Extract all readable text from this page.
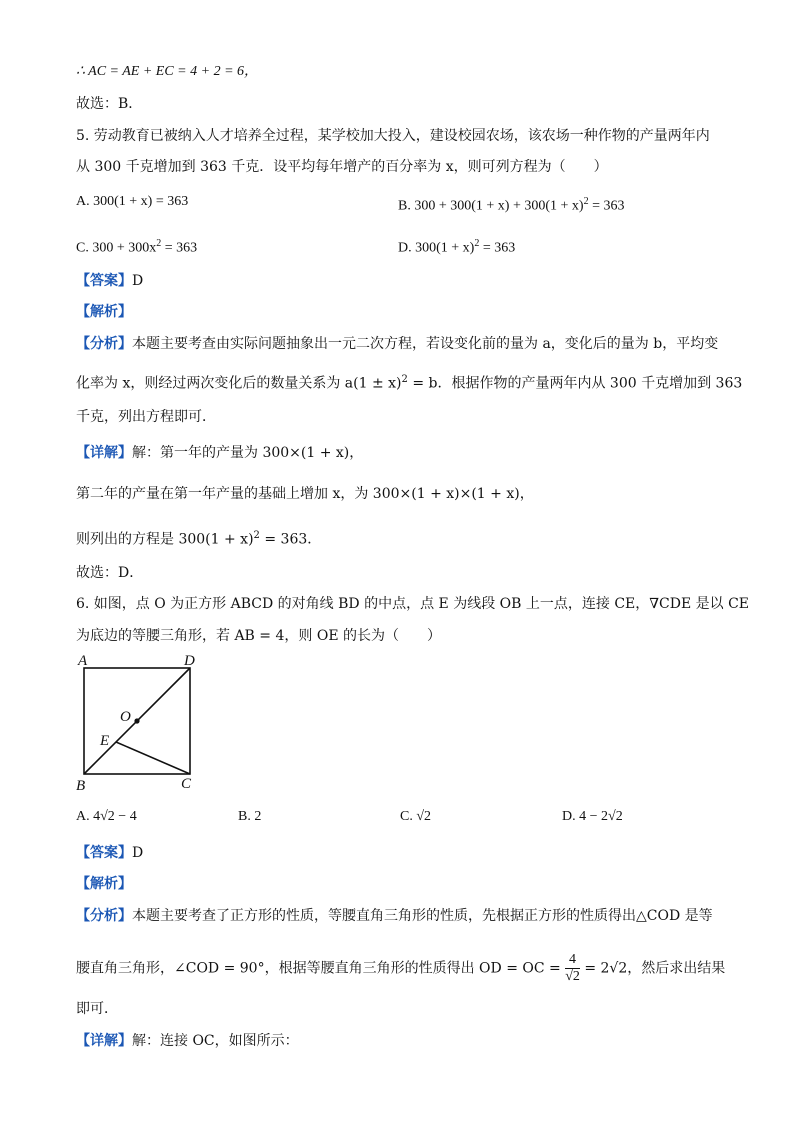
∴ AC = AE + EC = 4 + 2 = 6，
故选：B．
5. 劳动教育已被纳入人才培养全过程，某学校加大投入，建设校园农场，该农场一种作物的产量两年内
从 300 千克增加到 363 千克．设平均每年增产的百分率为 x，则可列方程为（　　）
A. 300(1 + x) = 363	B. $300 + 300(1 + x) + 300(1 + x)^2 = 363$
C. $300 + 300x^2 = 363$	D. $300(1 + x)^2 = 363$
【答案】D
【解析】
【分析】本题主要考查由实际问题抽象出一元二次方程，若设变化前的量为 a，变化后的量为 b，平均变
化率为 x，则经过两次变化后的数量关系为 $a(1 \pm x)^2 = b$．根据作物的产量两年内从 300 千克增加到 363
千克，列出方程即可．
【详解】解：第一年的产量为 300×(1 + x)，
第二年的产量在第一年产量的基础上增加 x，为 300×(1 + x)×(1 + x)，
则列出的方程是 $300(1 + x)^2 = 363$．
故选：D．
6. 如图，点 O 为正方形 ABCD 的对角线 BD 的中点，点 E 为线段 OB 上一点，连接 CE，∇CDE 是以 CE
为底边的等腰三角形，若 AB = 4，则 OE 的长为（　　）
A	D
O
E
B	C
A. 4√2 − 4	B. 2	C. √2	D. 4 − 2√2
【答案】D
【解析】
【分析】本题主要考查了正方形的性质，等腰直角三角形的性质，先根据正方形的性质得出△COD 是等
腰直角三角形，∠COD = 90°，根据等腰直角三角形的性质得出 OD = OC = $\frac{4}{√2} = 2√2$，然后求出结果
即可．
【详解】解：连接 OC，如图所示：
